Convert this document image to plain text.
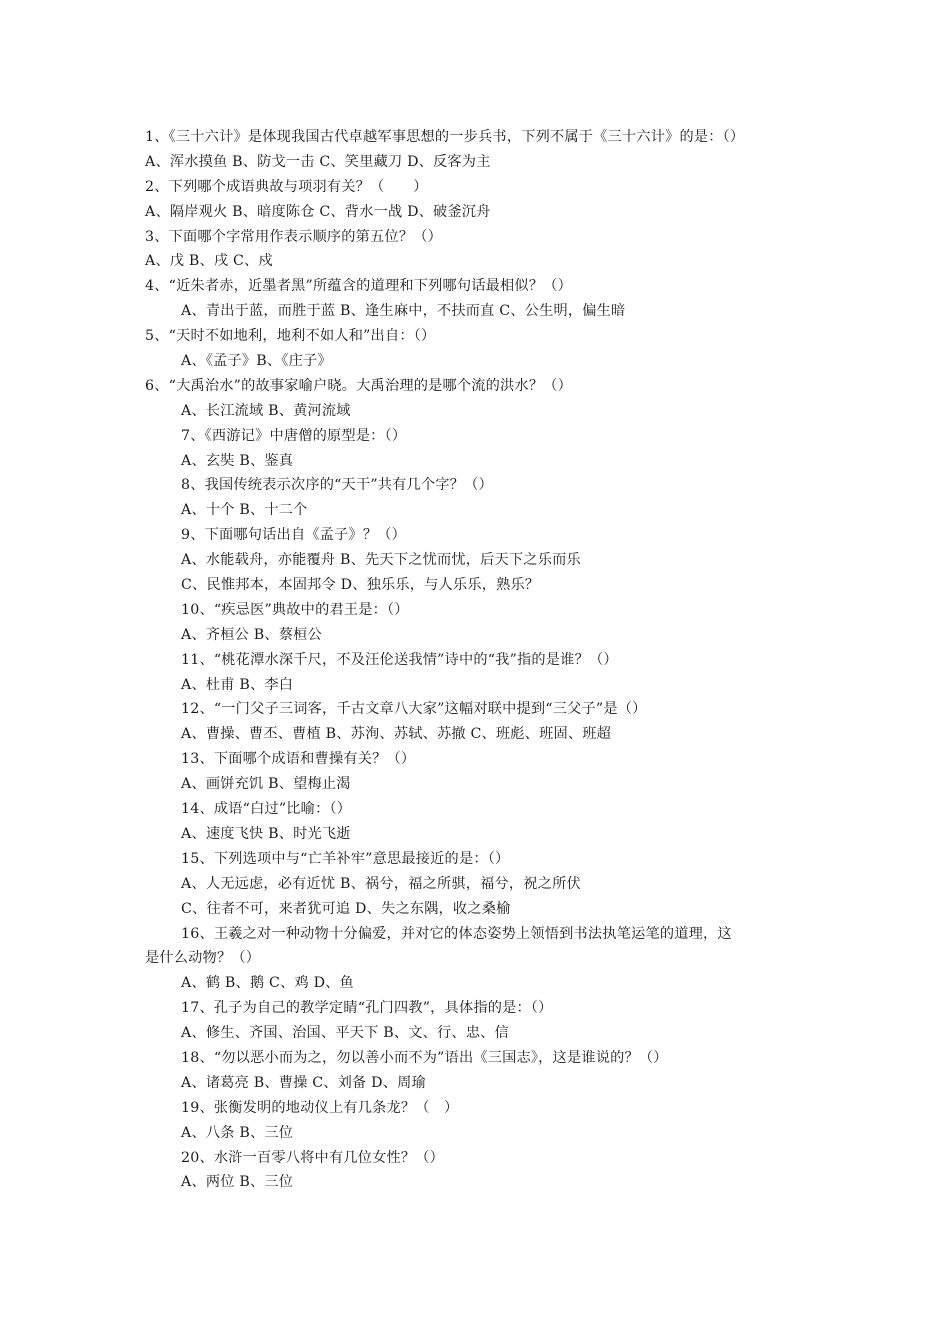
1、《三十六计》是体现我国古代卓越军事思想的一步兵书，下列不属于《三十六计》的是：（）
A、浑水摸鱼 B、防戈一击 C、笑里藏刀 D、反客为主
2、下列哪个成语典故与项羽有关？（　　）
A、隔岸观火 B、暗度陈仓 C、背水一战 D、破釜沉舟
3、下面哪个字常用作表示顺序的第五位？（）
A、戊 B、戌 C、戍
4、“近朱者赤，近墨者黑”所蕴含的道理和下列哪句话最相似？（）
A、青出于蓝，而胜于蓝 B、逢生麻中，不扶而直 C、公生明，偏生暗
5、“天时不如地利，地利不如人和”出自：（）
A、《孟子》B、《庄子》
6、“大禹治水”的故事家喻户晓。大禹治理的是哪个流的洪水？（）
A、长江流域 B、黄河流域
7、《西游记》中唐僧的原型是：（）
A、玄奘 B、鉴真
8、我国传统表示次序的“天干”共有几个字？（）
A、十个 B、十二个
9、下面哪句话出自《孟子》？（）
A、水能载舟，亦能覆舟 B、先天下之忧而忧，后天下之乐而乐
C、民惟邦本，本固邦令 D、独乐乐，与人乐乐，熟乐？
10、“疾忌医”典故中的君王是：（）
A、齐桓公 B、蔡桓公
11、“桃花潭水深千尺，不及汪伦送我情”诗中的“我”指的是谁？（）
A、杜甫 B、李白
12、“一门父子三词客，千古文章八大家”这幅对联中提到“三父子”是（）
A、曹操、曹丕、曹植 B、苏洵、苏轼、苏撤 C、班彪、班固、班超
13、下面哪个成语和曹操有关？（）
A、画饼充饥 B、望梅止渴
14、成语“白过”比喻：（）
A、速度飞快 B、时光飞逝
15、下列选项中与“亡羊补牢”意思最接近的是：（）
A、人无远虑，必有近忧 B、祸兮，福之所骐，福兮，祝之所伏
C、往者不可，来者犹可追 D、失之东隅，收之桑榆
16、王羲之对一种动物十分偏爱，并对它的体态姿势上领悟到书法执笔运笔的道理，这
是什么动物？（）
A、鹤 B、鹅 C、鸡 D、鱼
17、孔子为自己的教学定睛“孔门四教”，具体指的是：（）
A、修生、齐国、治国、平天下 B、文、行、忠、信
18、“勿以恶小而为之，勿以善小而不为”语出《三国志》，这是谁说的？（）
A、诸葛亮 B、曹操 C、刘备 D、周瑜
19、张衡发明的地动仪上有几条龙？（　）
A、八条 B、三位
20、水浒一百零八将中有几位女性？（）
A、两位 B、三位
